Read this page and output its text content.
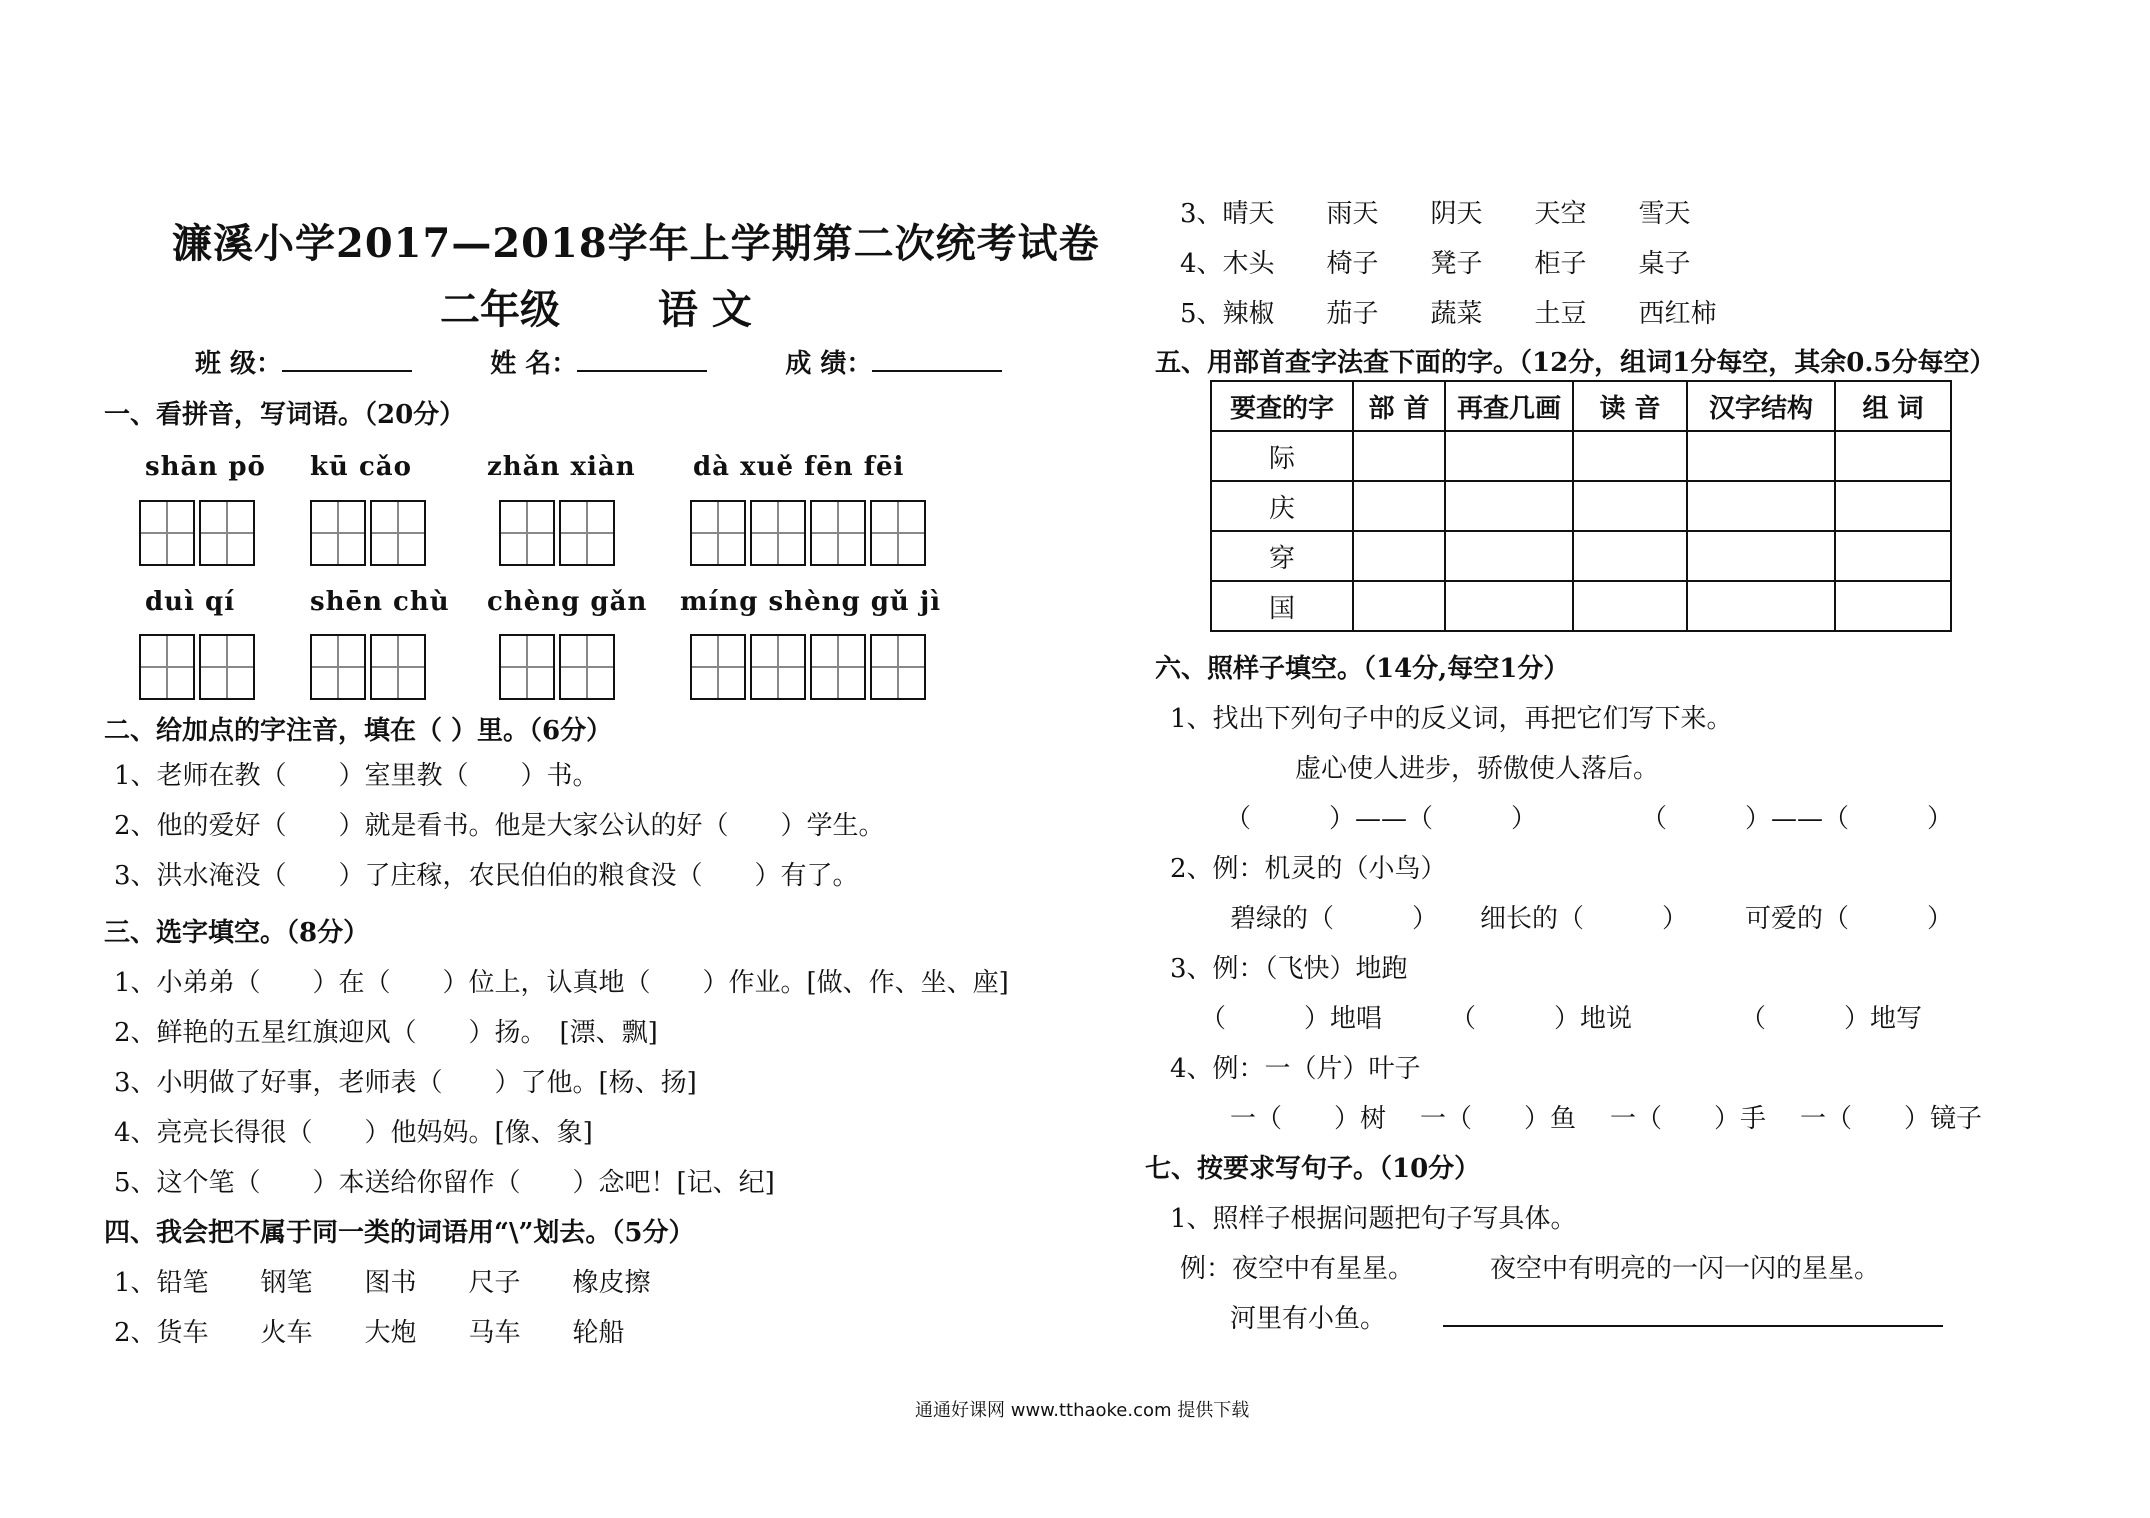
濂溪小学2017—2018学年上学期第二次统考试卷
二年级 语 文
班 级：	姓 名：	成 绩：
一、看拼音，写词语。（20分）
shān pō kū cǎo	zhǎn xiàn dà xuě fēn fēi
duì qí	shēn chù chèng gǎn míng shèng gǔ jì
二、给加点的字注音，填在（ ）里。（6分）
1、老师在教（　　）室里教（　　）书。
2、他的爱好（　　）就是看书。他是大家公认的好（　　）学生。
3、洪水淹没（　　）了庄稼，农民伯伯的粮食没（　　）有了。
三、选字填空。（8分）
1、小弟弟（　　）在（　　）位上，认真地（　　）作业。[做、作、坐、座]
2、鲜艳的五星红旗迎风（　　）扬。　[漂、飘]
3、小明做了好事，老师表（　　）了他。[杨、扬]
4、亮亮长得很（　　）他妈妈。[像、象]
5、这个笔（　　）本送给你留作（　　）念吧！[记、纪]
四、我会把不属于同一类的词语用“\”划去。（5分）
1、铅笔　　钢笔　　图书　　尺子　　橡皮擦
2、货车　　火车　　大炮　　马车　　轮船
3、晴天　　雨天　　阴天　　天空　　雪天
4、木头　　椅子　　凳子　　柜子　　桌子
5、辣椒　　茄子　　蔬菜　　土豆　　西红柿
五、用部首查字法查下面的字。（12分，组词1分每空，其余0.5分每空）
要查的字	部 首	再查几画	读 音	汉字结构	组 词
际					
庆					
穿					
国					
六、照样子填空。（14分,每空1分）
1、找出下列句子中的反义词，再把它们写下来。
虚心使人进步，骄傲使人落后。
（　　　）——（　　　）　　　　　（　　　）——（　　　）
2、例：机灵的（小鸟）
碧绿的（　　　） 细长的（　　　） 可爱的（　　　）
3、例：（飞快）地跑
（　　　）地唱	（　　　）地说	（　　　）地写
4、例：一（片）叶子
一（　　）树 一（　　）鱼 一（　　）手 一（　　）镜子
七、按要求写句子。（10分）
1、照样子根据问题把句子写具体。
例：夜空中有星星。	夜空中有明亮的一闪一闪的星星。
河里有小鱼。
通通好课网 www.tthaoke.com 提供下载
